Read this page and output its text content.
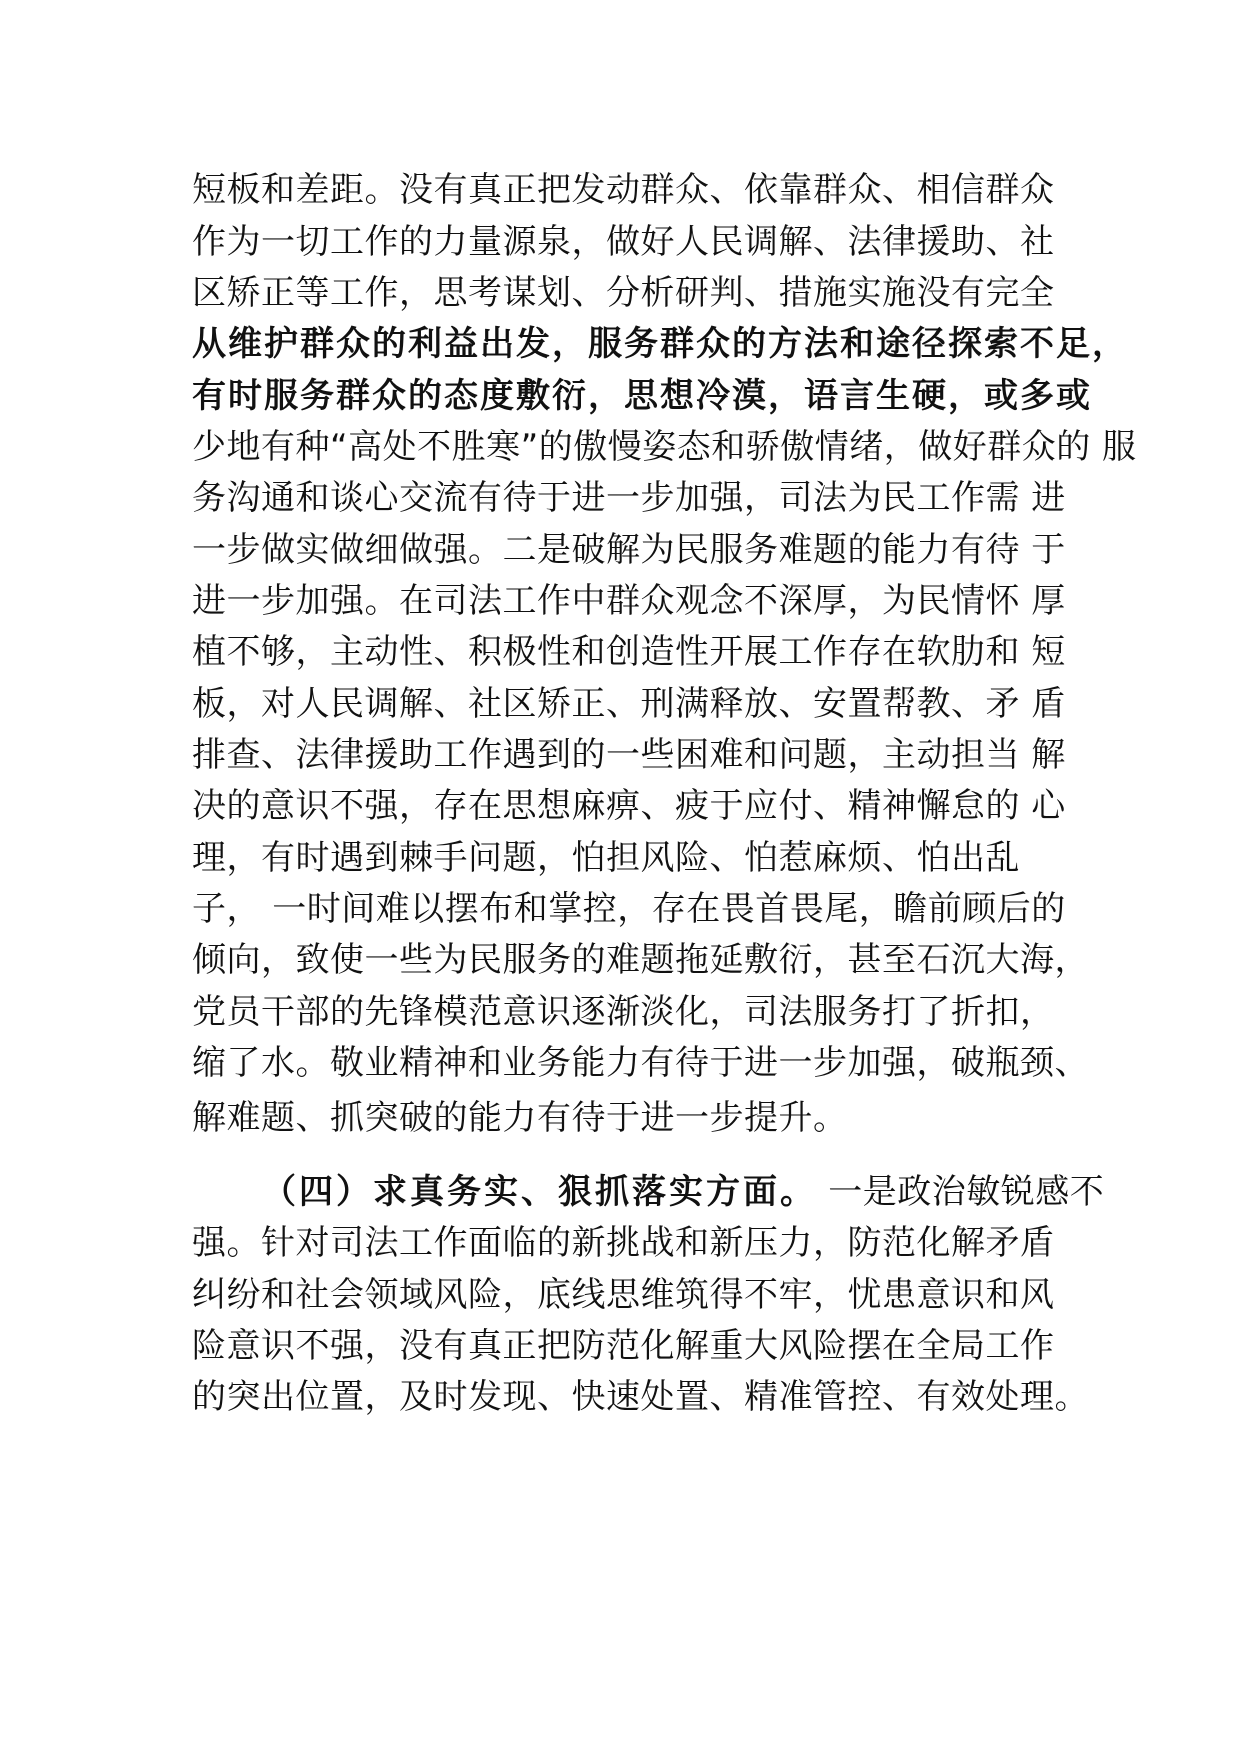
短板和差距。没有真正把发动群众、依靠群众、相信群众
作为一切工作的力量源泉，做好人民调解、法律援助、社
区矫正等工作，思考谋划、分析研判、措施实施没有完全
从维护群众的利益出发，服务群众的方法和途径探索不足，
有时服务群众的态度敷衍，思想冷漠，语言生硬，或多或
少地有种“高处不胜寒”的傲慢姿态和骄傲情绪，做好群众的 服
务沟通和谈心交流有待于进一步加强，司法为民工作需 进
一步做实做细做强。二是破解为民服务难题的能力有待 于
进一步加强。在司法工作中群众观念不深厚，为民情怀 厚
植不够，主动性、积极性和创造性开展工作存在软肋和 短
板，对人民调解、社区矫正、刑满释放、安置帮教、矛 盾
排查、法律援助工作遇到的一些困难和问题，主动担当 解
决的意识不强，存在思想麻痹、疲于应付、精神懈怠的 心
理，有时遇到棘手问题，怕担风险、怕惹麻烦、怕出乱
子， 一时间难以摆布和掌控，存在畏首畏尾，瞻前顾后的
倾向，致使一些为民服务的难题拖延敷衍，甚至石沉大海，
党员干部的先锋模范意识逐渐淡化，司法服务打了折扣，
缩了水。敬业精神和业务能力有待于进一步加强，破瓶颈、
解难题、抓突破的能力有待于进一步提升。
（四）求真务实、狠抓落实方面。 一是政治敏锐感不
强。针对司法工作面临的新挑战和新压力，防范化解矛盾
纠纷和社会领域风险，底线思维筑得不牢，忧患意识和风
险意识不强，没有真正把防范化解重大风险摆在全局工作
的突出位置，及时发现、快速处置、精准管控、有效处理。
